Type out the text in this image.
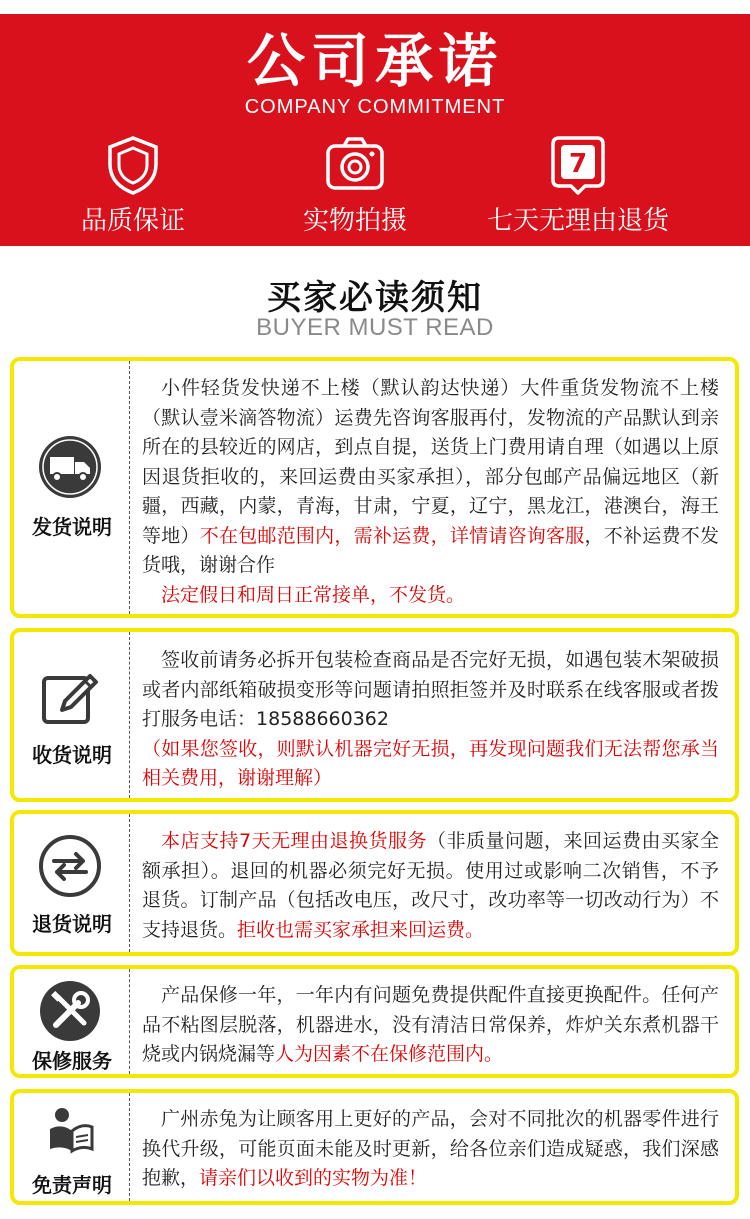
公司承诺
COMPANY COMMITMENT
品质保证	实物拍摄
7
七天无理由退货
买家必读须知
BUYER MUST READ
发货说明
小件轻货发快递不上楼（默认韵达快递）大件重货发物流不上楼（默认壹米滴答物流）运费先咨询客服再付，发物流的产品默认到亲所在的县较近的网店，到点自提，送货上门费用请自理（如遇以上原因退货拒收的，来回运费由买家承担），部分包邮产品偏远地区（新疆，西藏，内蒙，青海，甘肃，宁夏，辽宁，黑龙江，港澳台，海王等地）不在包邮范围内，需补运费，详情请咨询客服，不补运费不发货哦，谢谢合作
法定假日和周日正常接单，不发货。
收货说明
签收前请务必拆开包装检查商品是否完好无损，如遇包装木架破损或者内部纸箱破损变形等问题请拍照拒签并及时联系在线客服或者拨打服务电话：18588660362
（如果您签收，则默认机器完好无损，再发现问题我们无法帮您承当相关费用，谢谢理解）
退货说明
本店支持7天无理由退换货服务（非质量问题，来回运费由买家全额承担）。退回的机器必须完好无损。使用过或影响二次销售，不予退货。订制产品（包括改电压，改尺寸，改功率等一切改动行为）不支持退货。拒收也需买家承担来回运费。
保修服务
产品保修一年，一年内有问题免费提供配件直接更换配件。任何产品不粘图层脱落，机器进水，没有清洁日常保养，炸炉关东煮机器干烧或内锅烧漏等人为因素不在保修范围内。
免责声明
广州赤兔为让顾客用上更好的产品，会对不同批次的机器零件进行换代升级，可能页面未能及时更新，给各位亲们造成疑惑，我们深感抱歉，请亲们以收到的实物为准！
